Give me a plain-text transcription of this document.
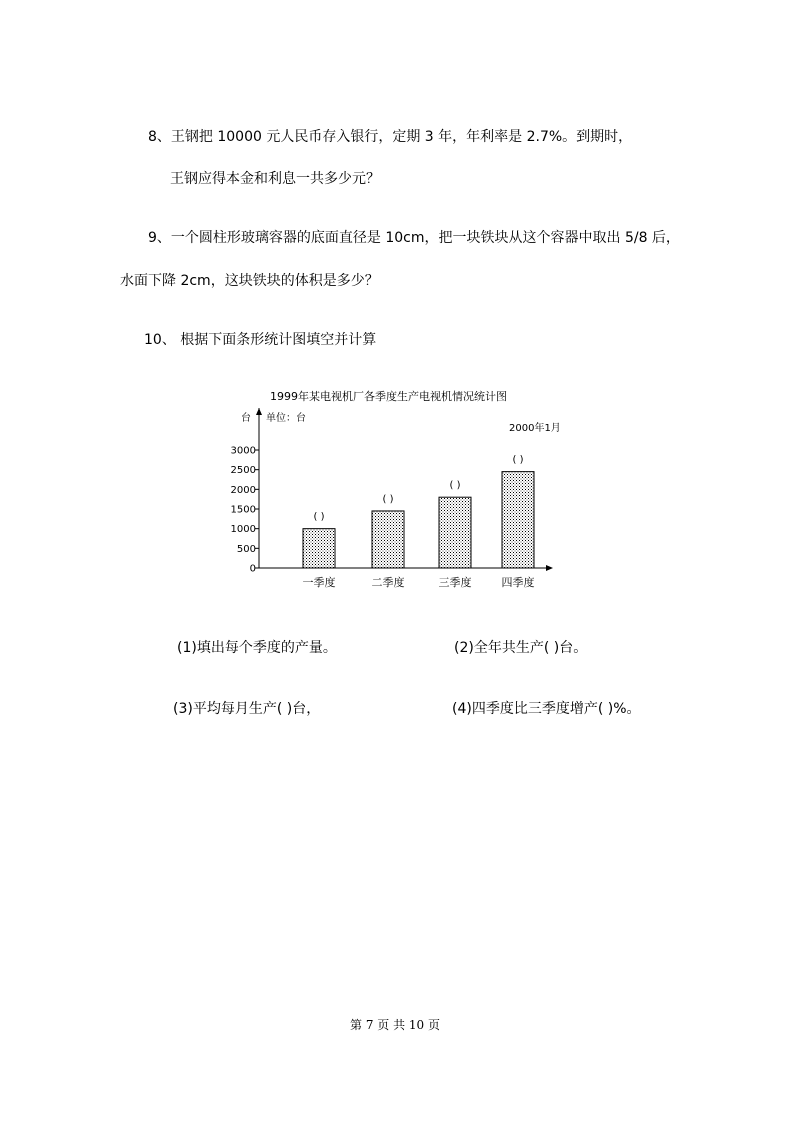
8、王钢把 10000 元人民币存入银行，定期 3 年，年利率是 2.7%。到期时，
王钢应得本金和利息一共多少元？
9、一个圆柱形玻璃容器的底面直径是 10cm，把一块铁块从这个容器中取出 5/8 后，
水面下降 2cm，这块铁块的体积是多少？
10、 根据下面条形统计图填空并计算
1999年某电视机厂各季度生产电视机情况统计图
台 单位：台
2000年1月
0
500
1000
1500
2000
2500
3000
( )
( )
( )
( )
一季度	二季度	三季度	四季度
(1)填出每个季度的产量。	(2)全年共生产( )台。
(3)平均每月生产( )台，	(4)四季度比三季度增产( )%。
第 7 页 共 10 页
